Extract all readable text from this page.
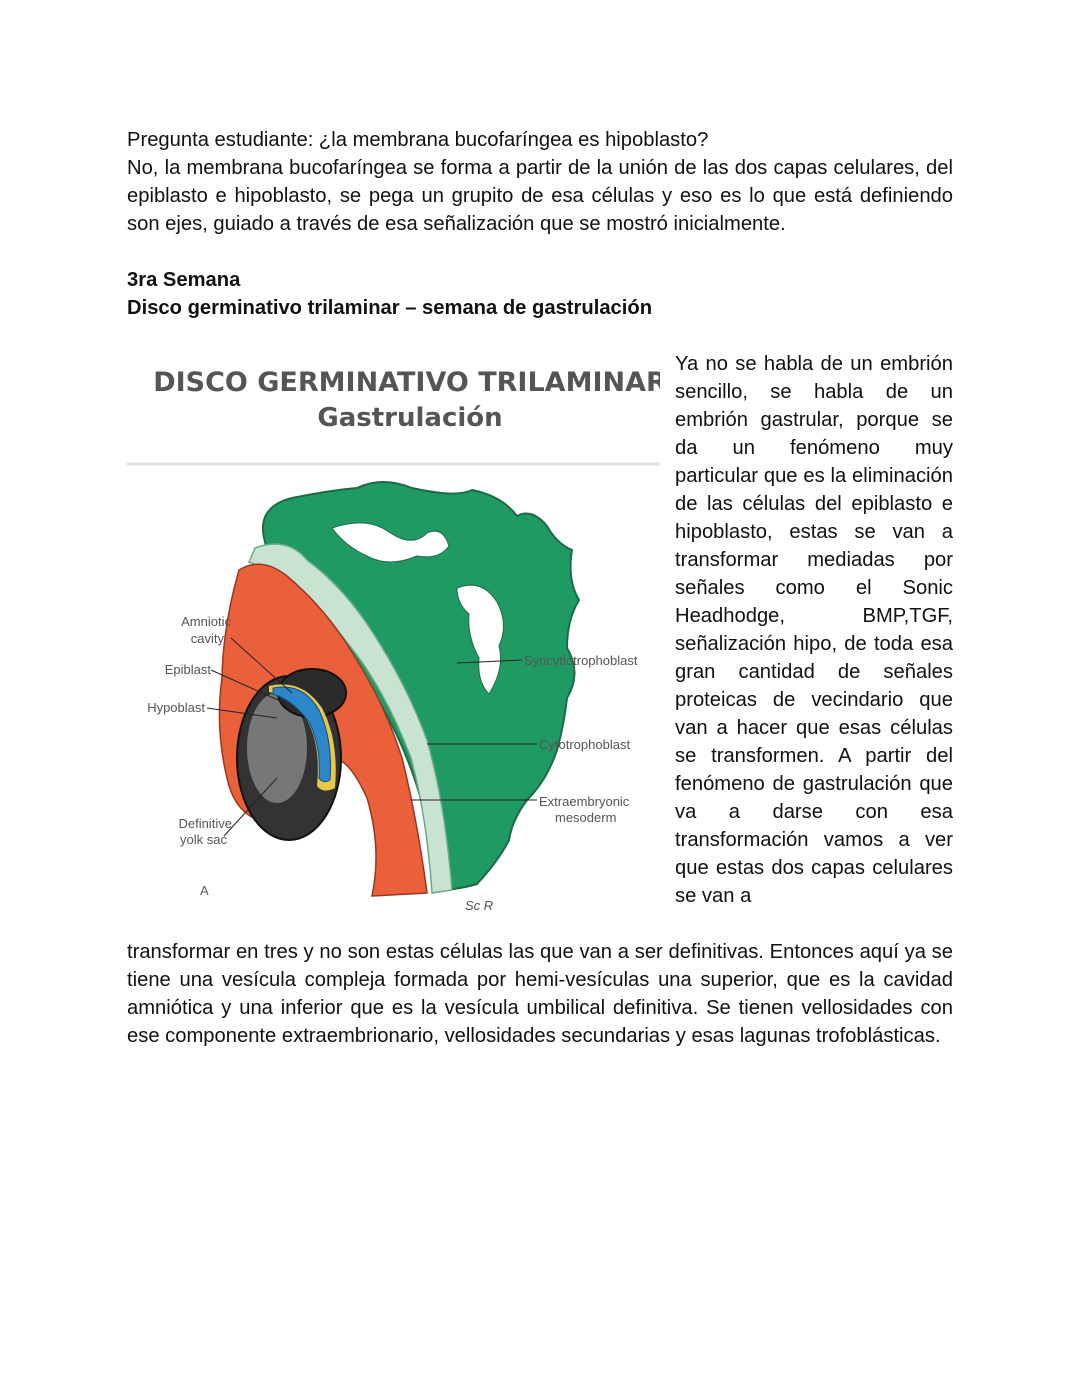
Pregunta estudiante: ¿la membrana bucofaríngea es hipoblasto?
No, la membrana bucofaríngea se forma a partir de la unión de las dos capas celulares, del epiblasto e hipoblasto, se pega un grupito de esa células y eso es lo que está definiendo son ejes, guiado a través de esa señalización que se mostró inicialmente.
3ra Semana
Disco germinativo trilaminar – semana de gastrulación
DISCO GERMINATIVO TRILAMINAR
Gastrulación
Amniotic
cavity
Epiblast
Hypoblast
Definitive
yolk sac
Syncytiotrophoblast
Cytotrophoblast
Extraembryonic
mesoderm
A
Sc R
Ya no se habla de un embrión sencillo, se habla de un embrión gastrular, porque se da un fenómeno muy particular que es la eliminación de las células del epiblasto e hipoblasto, estas se van a transformar mediadas por señales como el Sonic Headhodge, BMP,TGF, señalización hipo, de toda esa gran cantidad de señales proteicas de vecindario que van a hacer que esas células se transformen. A partir del fenómeno de gastrulación que va a darse con esa transformación vamos a ver que estas dos capas celulares se van a
transformar en tres y no son estas células las que van a ser definitivas. Entonces aquí ya se tiene una vesícula compleja formada por hemi-vesículas una superior, que es la cavidad amniótica y una inferior que es la vesícula umbilical definitiva. Se tienen vellosidades con ese componente extraembrionario, vellosidades secundarias y esas lagunas trofoblásticas.
